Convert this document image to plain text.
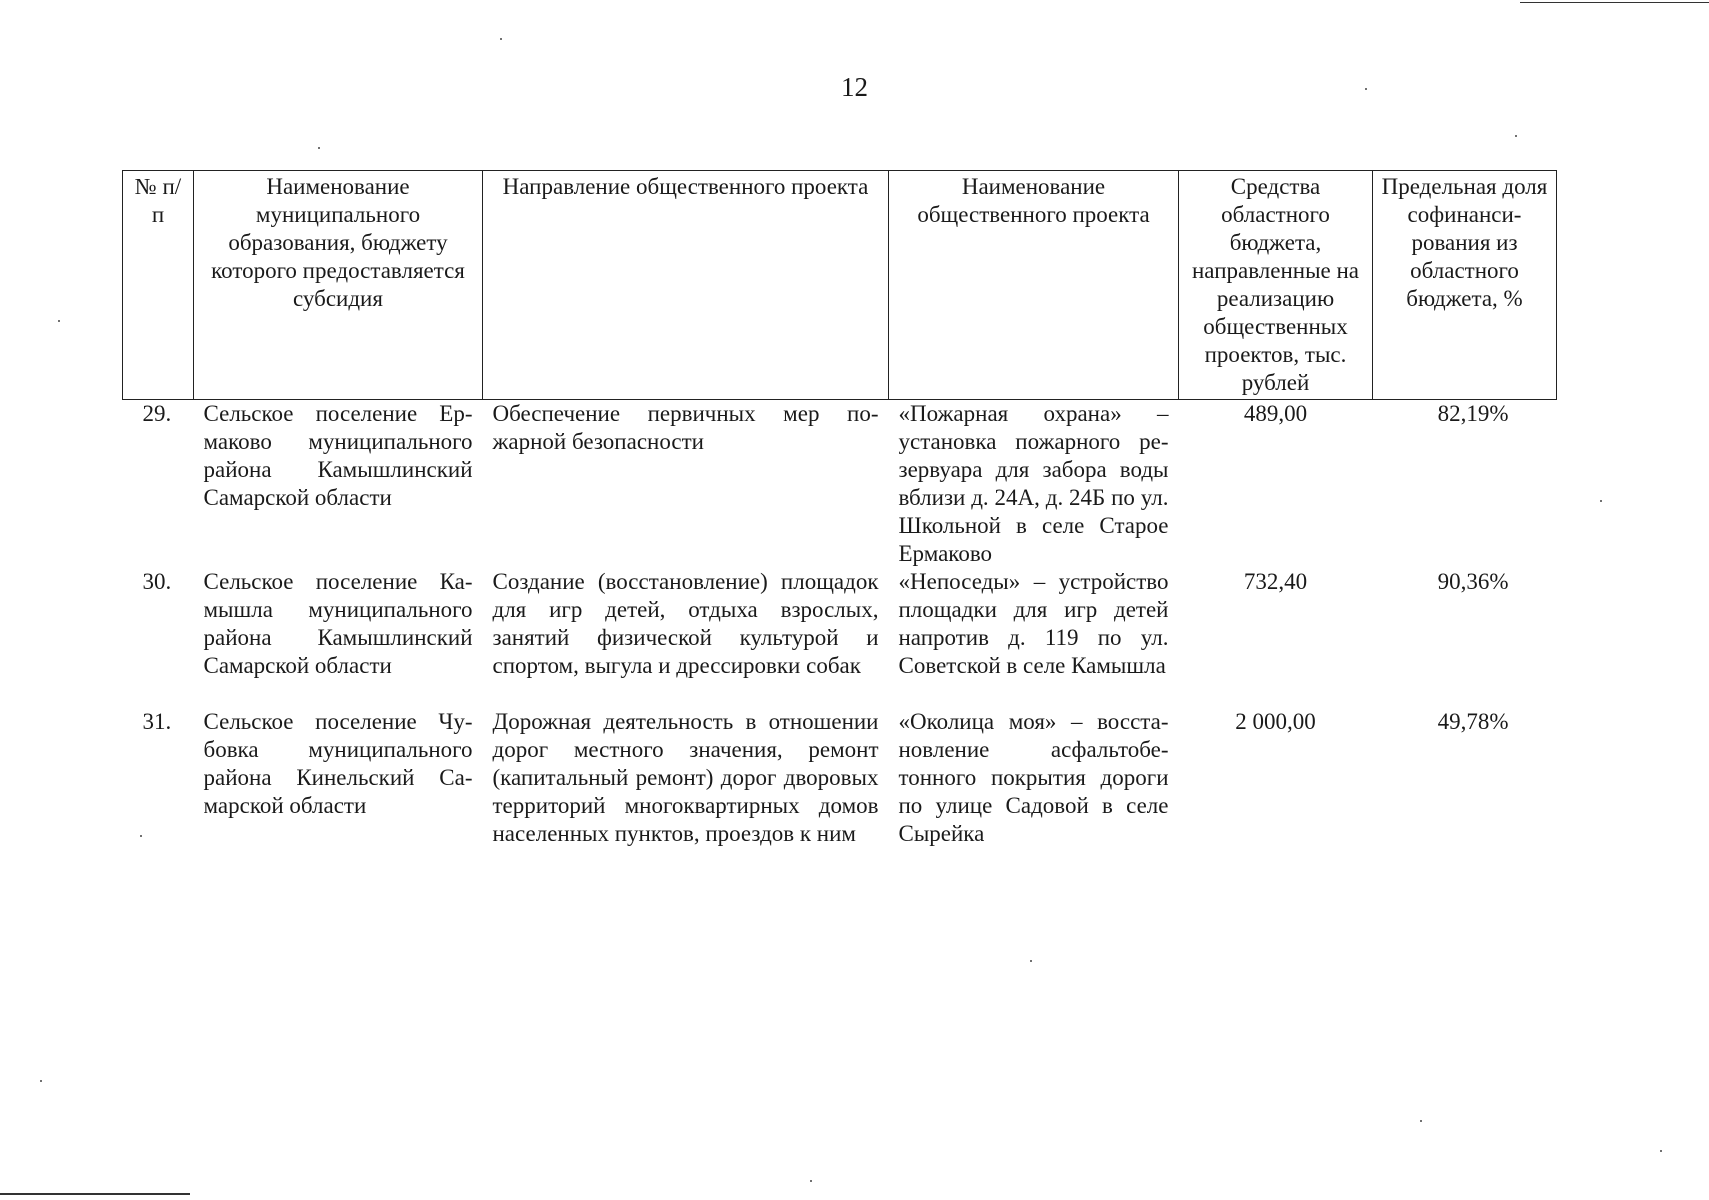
12
№ п/п	Наименование муниципального образования, бюджету которого предоставляется субсидия	Направление общественного проекта	Наименование общественного проекта	Средства областного бюджета, направленные на реализацию общественных проектов, тыс. рублей	Предельная доля софинанси-рования из областного бюджета, %
29.	Сельское поселение Ермаково муниципального района Камышлинский Самарской области	Обеспечение первичных мер пожарной безопасности	«Пожарная охрана» – установка пожарного резервуара для забора воды вблизи д. 24А, д. 24Б по ул. Школьной в селе Старое Ермаково	489,00	82,19%
30.	Сельское поселение Камышла муниципального района Камышлинский Самарской области	Создание (восстановление) площадок для игр детей, отдыха взрослых, занятий физической культурой и спортом, выгула и дрессировки собак	«Непоседы» – устройство площадки для игр детей напротив д. 119 по ул. Советской в селе Камышла	732,40	90,36%
31.	Сельское поселение Чубовка муниципального района Кинельский Самарской области	Дорожная деятельность в отношении дорог местного значения, ремонт (капитальный ремонт) дорог дворовых территорий многоквартирных домов населенных пунктов, проездов к ним	«Околица моя» – восстановление асфальтобетонного покрытия дороги по улице Садовой в селе Сырейка	2 000,00	49,78%
